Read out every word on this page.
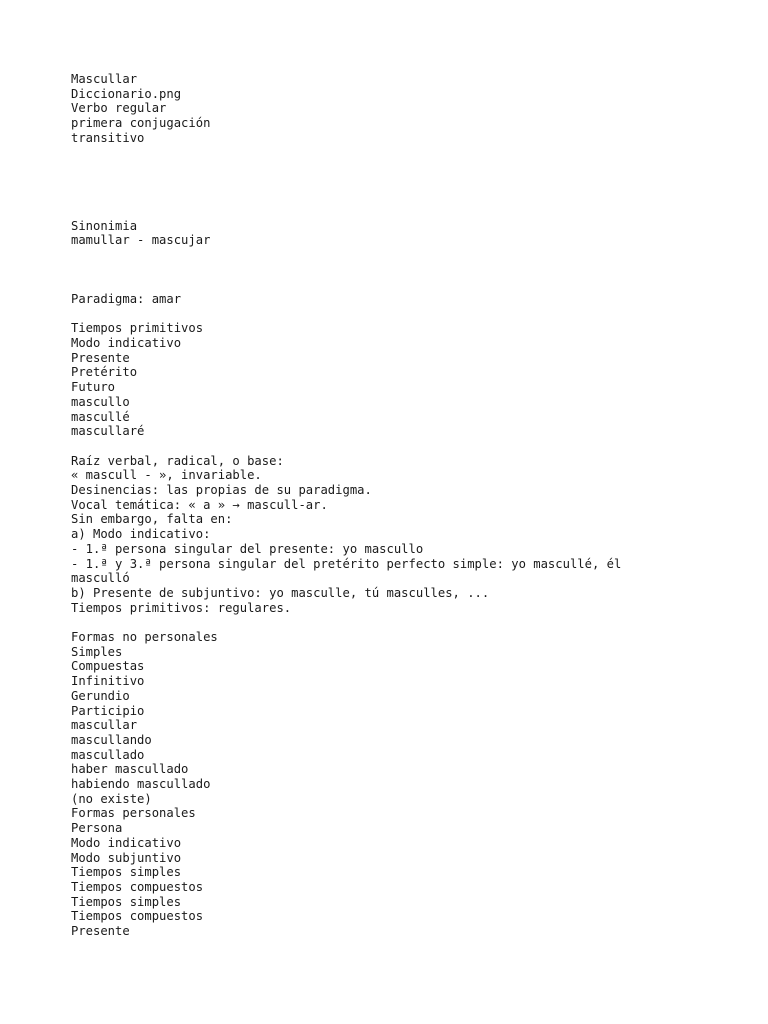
Mascullar
Diccionario.png
Verbo regular
primera conjugación
transitivo
Sinonimia
mamullar - mascujar
Paradigma: amar
Tiempos primitivos
Modo indicativo
Presente
Pretérito
Futuro
mascullo
mascullé
mascullaré
Raíz verbal, radical, o base:
« mascull - », invariable.
Desinencias: las propias de su paradigma.
Vocal temática: « a » → mascull-ar.
Sin embargo, falta en:
a) Modo indicativo:
- 1.ª persona singular del presente: yo mascullo
- 1.ª y 3.ª persona singular del pretérito perfecto simple: yo mascullé, él
masculló
b) Presente de subjuntivo: yo masculle, tú masculles, ...
Tiempos primitivos: regulares.
Formas no personales
Simples
Compuestas
Infinitivo
Gerundio
Participio
mascullar
mascullando
mascullado
haber mascullado
habiendo mascullado
(no existe)
Formas personales
Persona
Modo indicativo
Modo subjuntivo
Tiempos simples
Tiempos compuestos
Tiempos simples
Tiempos compuestos
Presente
